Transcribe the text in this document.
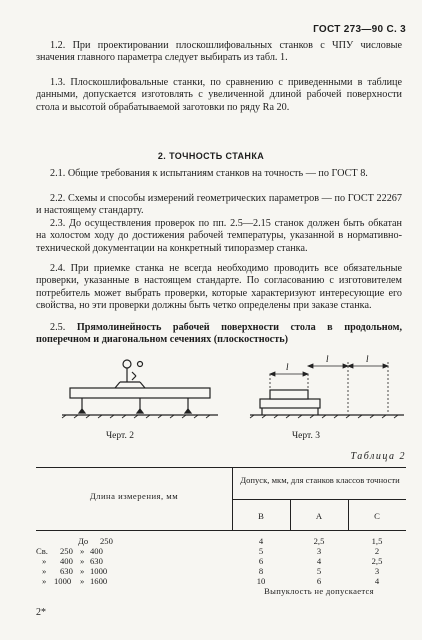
ГОСТ 273—90 С. 3
1.2. При проектировании плоскошлифовальных станков с ЧПУ числовые значения главного параметра следует выбирать из табл. 1.
1.3. Плоскошлифовальные станки, по сравнению с приведенными в таблице данными, допускается изготовлять с увеличенной длиной рабочей поверхности стола и высотой обрабатываемой заготовки по ряду Ra 20.
2. ТОЧНОСТЬ СТАНКА
2.1. Общие требования к испытаниям станков на точность — по ГОСТ 8.
2.2. Схемы и способы измерений геометрических параметров — по ГОСТ 22267 и настоящему стандарту.
2.3. До осуществления проверок по пп. 2.5—2.15 станок должен быть обкатан на холостом ходу до достижения рабочей температуры, указанной в нормативно-технической документации на конкретный типоразмер станка.
2.4. При приемке станка не всегда необходимо проводить все обязательные проверки, указанные в настоящем стандарте. По согласованию с изготовителем потребитель может выбрать проверки, которые характеризуют интересующие его свойства, но эти проверки должны быть четко определены при заказе станка.
2.5. Прямолинейность рабочей поверхности стола в продольном, поперечном и диагональном сечениях (плоскостность)
l
l	l
Черт. 2	Черт. 3
Таблица 2
Длина измерения, мм
Допуск, мкм, для станков классов точности
В	А	С
До 250	4	2,5	1,5
Св. 250 » 400	5	3	2
» 400 » 630	6	4	2,5
» 630 » 1000	8	5	3
» 1000 » 1600	10	6	4
Выпуклость не допускается
2*
